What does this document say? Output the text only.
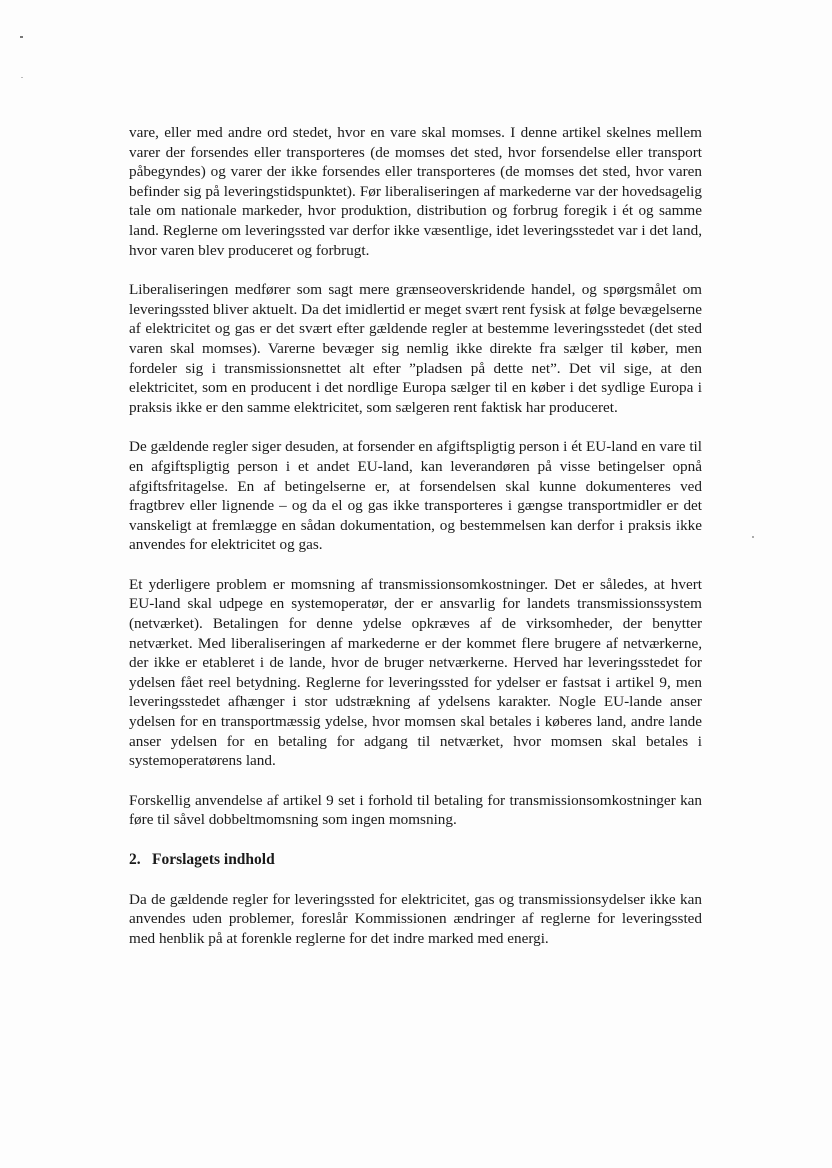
vare, eller med andre ord stedet, hvor en vare skal momses. I denne artikel skelnes mellem varer der forsendes eller transporteres (de momses det sted, hvor forsendelse eller transport påbegyndes) og varer der ikke forsendes eller transporteres (de momses det sted, hvor varen befinder sig på leveringstidspunktet). Før liberaliseringen af markederne var der hovedsagelig tale om nationale markeder, hvor produktion, distribution og forbrug foregik i ét og samme land. Reglerne om leveringssted var derfor ikke væsentlige, idet leveringsstedet var i det land, hvor varen blev produceret og forbrugt.

Liberaliseringen medfører som sagt mere grænseoverskridende handel, og spørgsmålet om leveringssted bliver aktuelt. Da det imidlertid er meget svært rent fysisk at følge bevægelserne af elektricitet og gas er det svært efter gældende regler at bestemme leveringsstedet (det sted varen skal momses). Varerne bevæger sig nemlig ikke direkte fra sælger til køber, men fordeler sig i transmissionsnettet alt efter ”pladsen på dette net”. Det vil sige, at den elektricitet, som en producent i det nordlige Europa sælger til en køber i det sydlige Europa i praksis ikke er den samme elektricitet, som sælgeren rent faktisk har produceret.

De gældende regler siger desuden, at forsender en afgiftspligtig person i ét EU-land en vare til en afgiftspligtig person i et andet EU-land, kan leverandøren på visse betingelser opnå afgiftsfritagelse. En af betingelserne er, at forsendelsen skal kunne dokumenteres ved fragtbrev eller lignende – og da el og gas ikke transporteres i gængse transportmidler er det vanskeligt at fremlægge en sådan dokumentation, og bestemmelsen kan derfor i praksis ikke anvendes for elektricitet og gas.

Et yderligere problem er momsning af transmissionsomkostninger. Det er således, at hvert EU-land skal udpege en systemoperatør, der er ansvarlig for landets transmissionssystem (netværket). Betalingen for denne ydelse opkræves af de virksomheder, der benytter netværket. Med liberaliseringen af markederne er der kommet flere brugere af netværkerne, der ikke er etableret i de lande, hvor de bruger netværkerne. Herved har leveringsstedet for ydelsen fået reel betydning. Reglerne for leveringssted for ydelser er fastsat i artikel 9, men leveringsstedet afhænger i stor udstrækning af ydelsens karakter. Nogle EU-lande anser ydelsen for en transportmæssig ydelse, hvor momsen skal betales i køberes land, andre lande anser ydelsen for en betaling for adgang til netværket, hvor momsen skal betales i systemoperatørens land.

Forskellig anvendelse af artikel 9 set i forhold til betaling for transmissionsomkostninger kan føre til såvel dobbeltmomsning som ingen momsning.

2. Forslagets indhold

Da de gældende regler for leveringssted for elektricitet, gas og transmissionsydelser ikke kan anvendes uden problemer, foreslår Kommissionen ændringer af reglerne for leveringssted med henblik på at forenkle reglerne for det indre marked med energi.
